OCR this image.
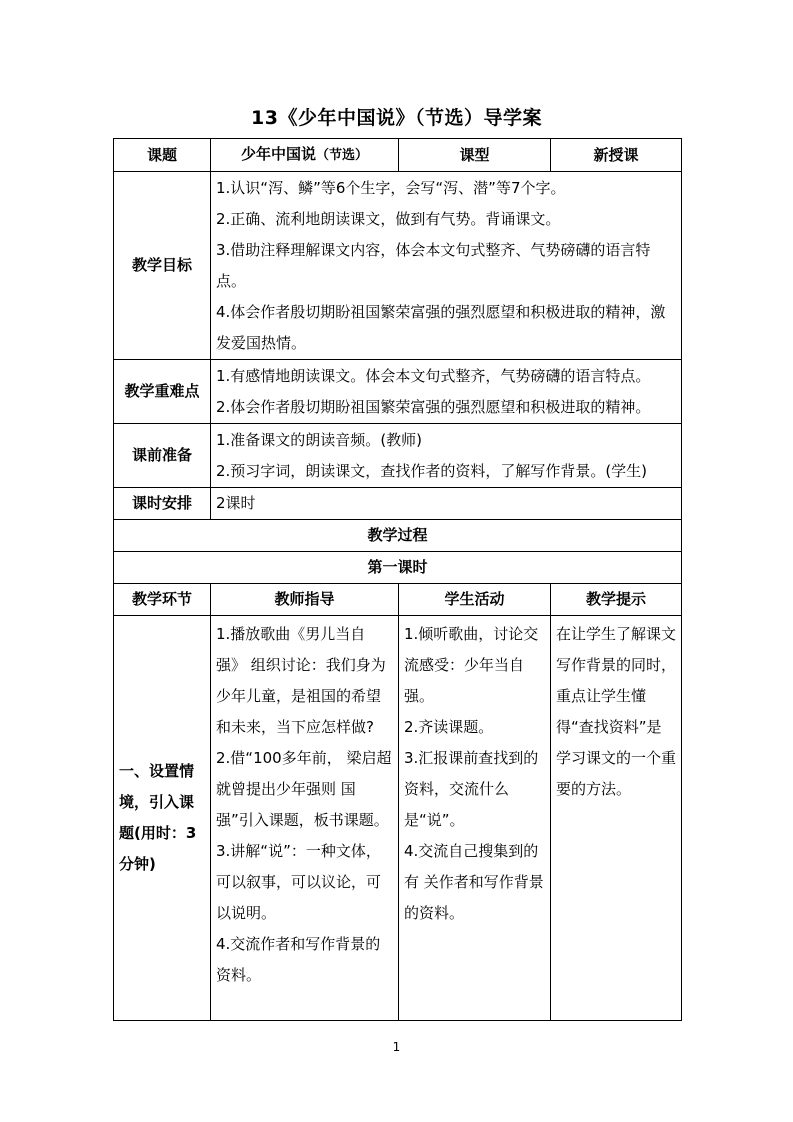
13《少年中国说》（节选）导学案
课题	少年中国说（节选）	课型	新授课
教学目标	1.认识“泻、鳞”等6个生字，会写“泻、潜”等7个字。
2.正确、流利地朗读课文，做到有气势。背诵课文。
3.借助注释理解课文内容，体会本文句式整齐、气势磅礴的语言特点。
4.体会作者殷切期盼祖国繁荣富强的强烈愿望和积极进取的精神，激发爱国热情。		

教学重难点	1.有感情地朗读课文。体会本文句式整齐，气势磅礴的语言特点。
2.体会作者殷切期盼祖国繁荣富强的强烈愿望和积极进取的精神。		

课前准备	1.准备课文的朗读音频。(教师)
2.预习字词，朗读课文，查找作者的资料，了解写作背景。(学生)		

课时安排	2课时		
教学过程			
第一课时			
教学环节	教师指导	学生活动	教学提示
一、设置情境，引入课题(用时：3分钟)	1.播放歌曲《男儿当自强》 组织讨论：我们身为少年儿童，是祖国的希望和未来，当下应怎样做?
2.借“100多年前， 梁启超就曾提出少年强则 国强”引入课题，板书课题。
3.讲解“说”：一种文体，可以叙事，可以议论，可以说明。
4.交流作者和写作背景的资料。	1.倾听歌曲，讨论交流感受：少年当自强。
2.齐读课题。
3.汇报课前查找到的资料，交流什么是“说”。
4.交流自己搜集到的有 关作者和写作背景的资料。	在让学生了解课文写作背景的同时，重点让学生懂得“查找资料”是学习课文的一个重要的方法。
1
